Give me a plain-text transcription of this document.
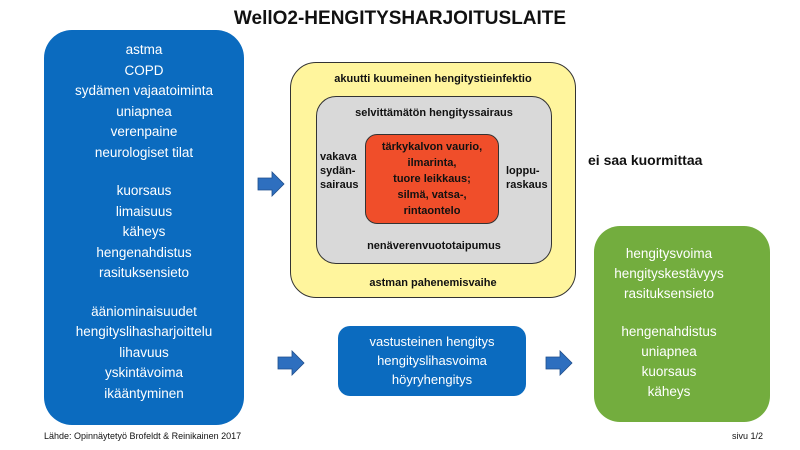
WellO2-HENGITYSHARJOITUSLAITE
astma
COPD
sydämen vajaatoiminta
uniapnea
verenpaine
neurologiset tilat
kuorsaus
limaisuus
käheys
hengenahdistus
rasituksensieto
ääniominaisuudet
hengityslihasharjoittelu
lihavuus
yskintävoima
ikääntyminen
akuutti kuumeinen hengitystieinfektio
selvittämätön hengityssairaus
vakava
sydän-
sairaus
loppu-
raskaus
tärkykalvon vaurio,
ilmarinta,
tuore leikkaus;
silmä, vatsa-,
rintaontelo
nenäverenvuototaipumus
astman pahenemisvaihe
ei saa kuormittaa
vastusteinen hengitys
hengityslihasvoima
höyryhengitys
hengitysvoima
hengityskestävyys
rasituksensieto
hengenahdistus
uniapnea
kuorsaus
käheys
Lähde: Opinnäytetyö Brofeldt & Reinikainen 2017	sivu 1/2
